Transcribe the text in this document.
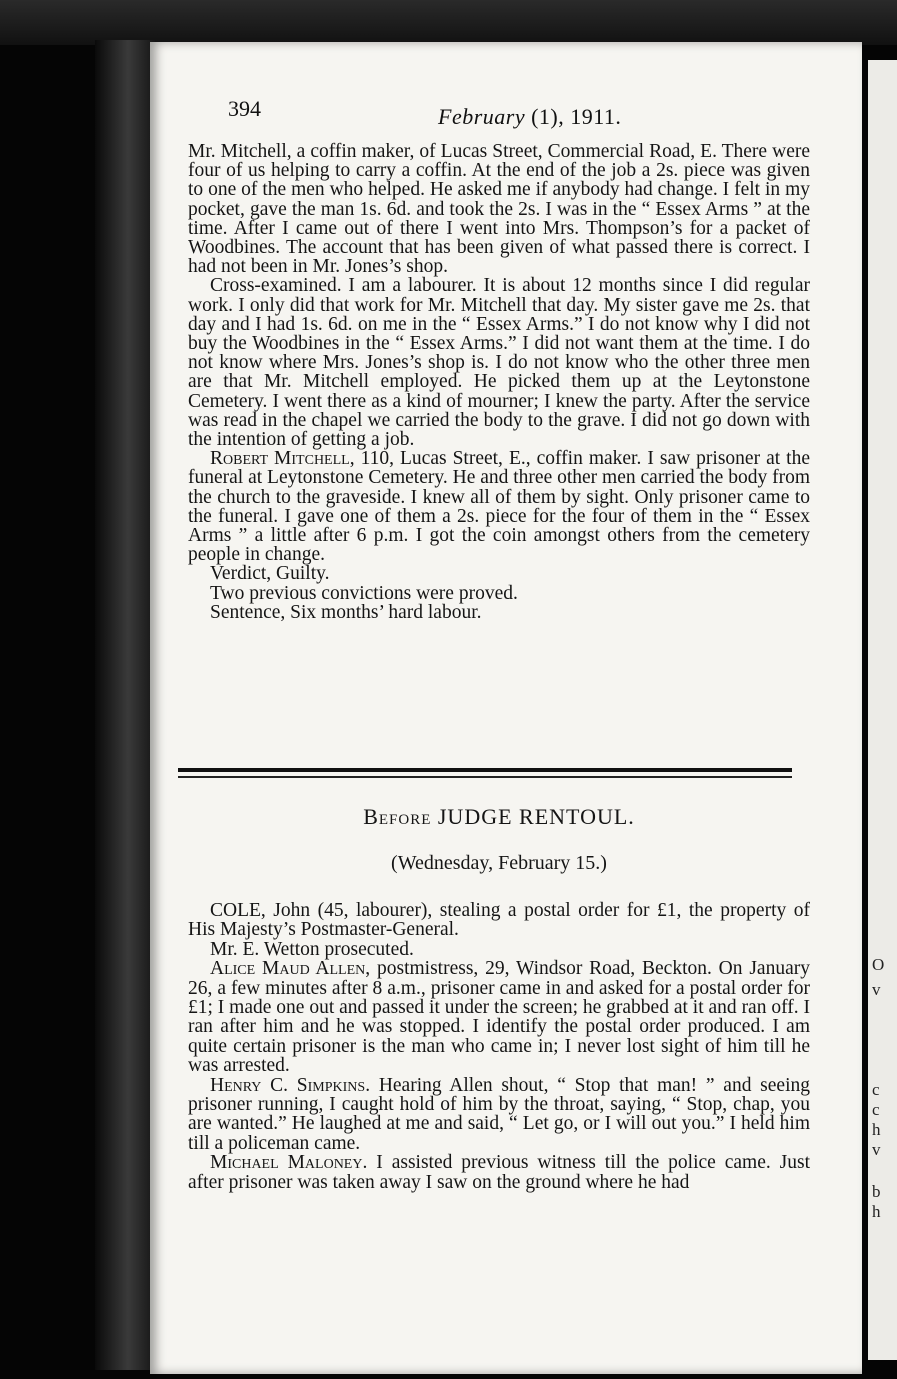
O
v
c
c
h
v
b
h
394	February (1), 1911.

Mr. Mitchell, a coffin maker, of Lucas Street, Commercial Road, E. There were four of us helping to carry a coffin. At the end of the job a 2s. piece was given to one of the men who helped. He asked me if anybody had change. I felt in my pocket, gave the man 1s. 6d. and took the 2s. I was in the “ Essex Arms ” at the time. After I came out of there I went into Mrs. Thompson’s for a packet of Woodbines. The account that has been given of what passed there is correct. I had not been in Mr. Jones’s shop.

Cross-examined. I am a labourer. It is about 12 months since I did regular work. I only did that work for Mr. Mitchell that day. My sister gave me 2s. that day and I had 1s. 6d. on me in the “ Essex Arms.” I do not know why I did not buy the Woodbines in the “ Essex Arms.” I did not want them at the time. I do not know where Mrs. Jones’s shop is. I do not know who the other three men are that Mr. Mitchell employed. He picked them up at the Leytonstone Cemetery. I went there as a kind of mourner; I knew the party. After the service was read in the chapel we carried the body to the grave. I did not go down with the intention of getting a job.

Robert Mitchell, 110, Lucas Street, E., coffin maker. I saw prisoner at the funeral at Leytonstone Cemetery. He and three other men carried the body from the church to the graveside. I knew all of them by sight. Only prisoner came to the funeral. I gave one of them a 2s. piece for the four of them in the “ Essex Arms ” a little after 6 p.m. I got the coin amongst others from the cemetery people in change.

Verdict, Guilty.

Two previous convictions were proved.

Sentence, Six months’ hard labour.

Before JUDGE RENTOUL.

(Wednesday, February 15.)

COLE, John (45, labourer), stealing a postal order for £1, the property of His Majesty’s Postmaster-General.

Mr. E. Wetton prosecuted.

Alice Maud Allen, postmistress, 29, Windsor Road, Beckton. On January 26, a few minutes after 8 a.m., prisoner came in and asked for a postal order for £1; I made one out and passed it under the screen; he grabbed at it and ran off. I ran after him and he was stopped. I identify the postal order produced. I am quite certain prisoner is the man who came in; I never lost sight of him till he was arrested.

Henry C. Simpkins. Hearing Allen shout, “ Stop that man! ” and seeing prisoner running, I caught hold of him by the throat, saying, “ Stop, chap, you are wanted.” He laughed at me and said, “ Let go, or I will out you.” I held him till a policeman came.

Michael Maloney. I assisted previous witness till the police came. Just after prisoner was taken away I saw on the ground where he had
